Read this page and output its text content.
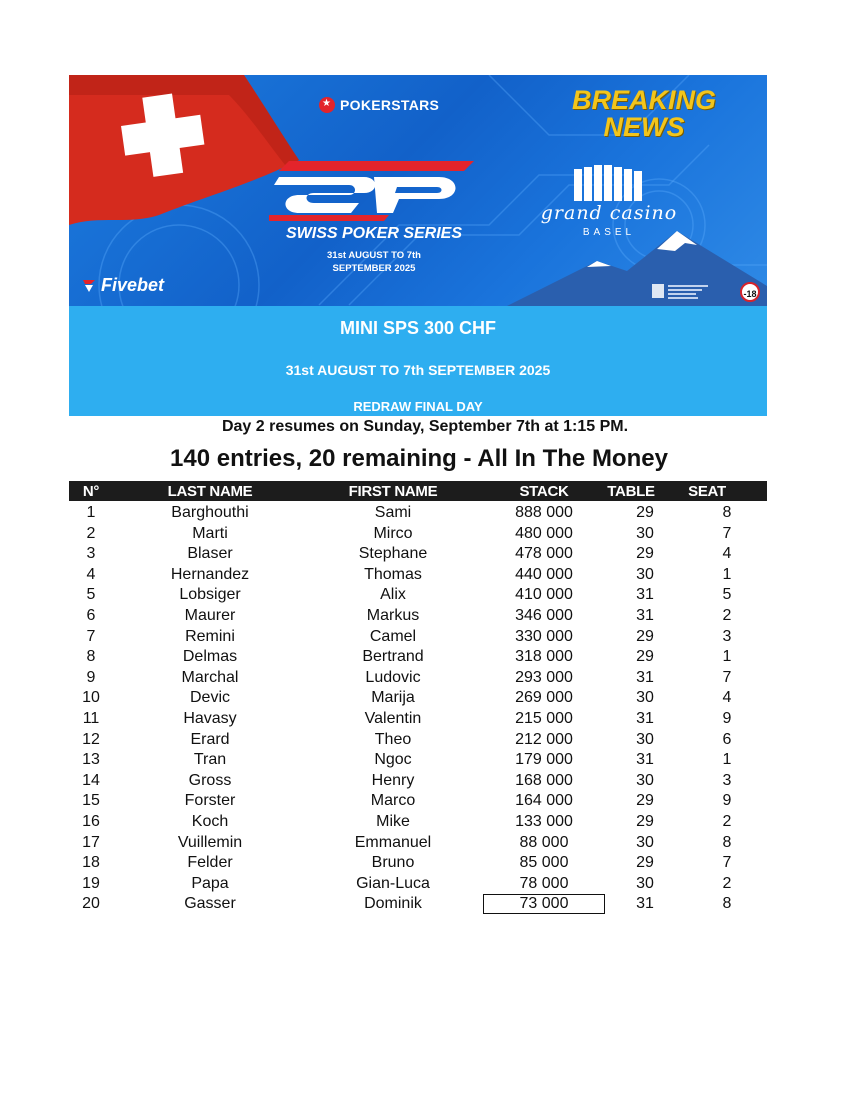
★
POKERSTARS	BREAKING
NEWS
SWISS POKER SERIES
31st AUGUST TO 7th
SEPTEMBER 2025
grand casino
BASEL
Fivebet	-18
MINI SPS 300 CHF
31st AUGUST TO 7th SEPTEMBER 2025
REDRAW FINAL DAY
Day 2 resumes on Sunday, September 7th at 1:15 PM.
140 entries, 20 remaining - All In The Money
N°	LAST NAME	FIRST NAME	STACK	TABLE	SEAT
1	Barghouthi	Sami	888 000	29	8
2	Marti	Mirco	480 000	30	7
3	Blaser	Stephane	478 000	29	4
4	Hernandez	Thomas	440 000	30	1
5	Lobsiger	Alix	410 000	31	5
6	Maurer	Markus	346 000	31	2
7	Remini	Camel	330 000	29	3
8	Delmas	Bertrand	318 000	29	1
9	Marchal	Ludovic	293 000	31	7
10	Devic	Marija	269 000	30	4
11	Havasy	Valentin	215 000	31	9
12	Erard	Theo	212 000	30	6
13	Tran	Ngoc	179 000	31	1
14	Gross	Henry	168 000	30	3
15	Forster	Marco	164 000	29	9
16	Koch	Mike	133 000	29	2
17	Vuillemin	Emmanuel	88 000	30	8
18	Felder	Bruno	85 000	29	7
19	Papa	Gian-Luca	78 000	30	2
20	Gasser	Dominik	73 000	31	8
